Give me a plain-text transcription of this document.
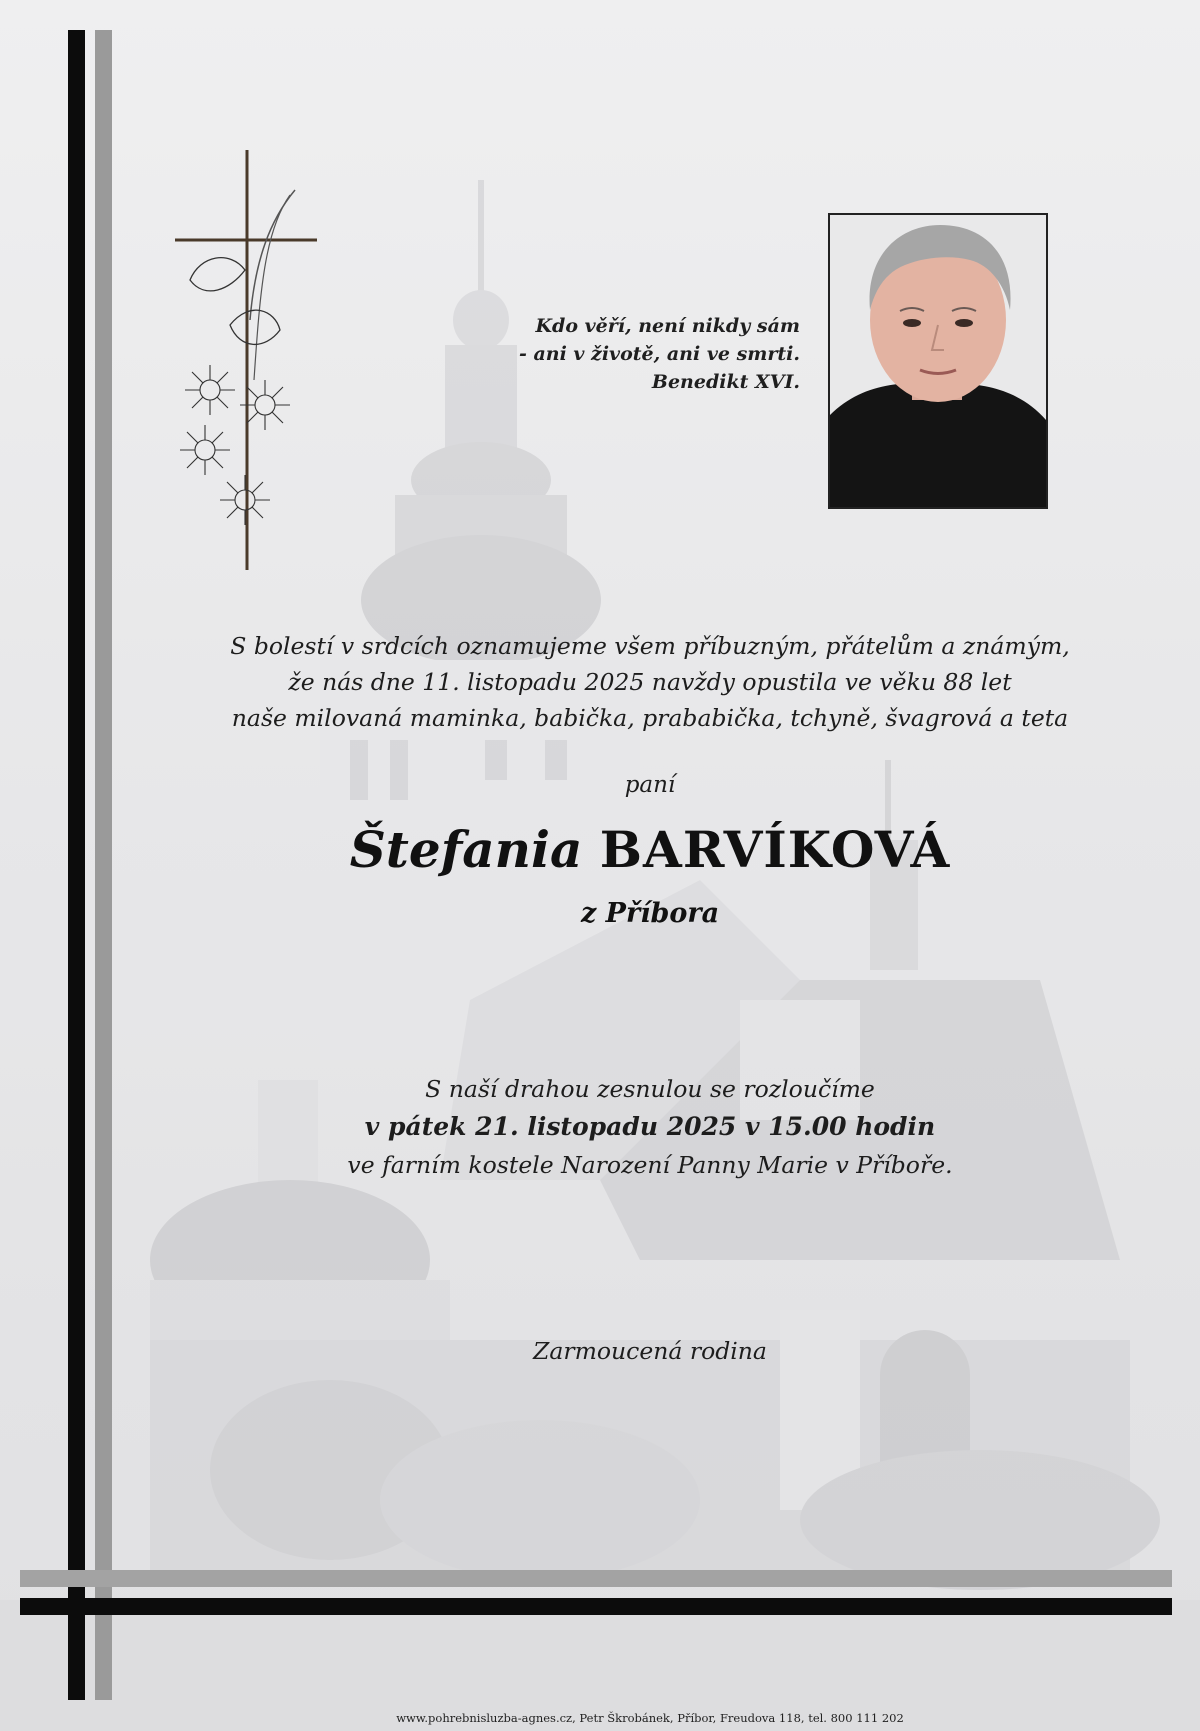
Kdo věří, není nikdy sám
- ani v životě, ani ve smrti.
Benedikt XVI.
S bolestí v srdcích oznamujeme všem příbuzným, přátelům a známým,
že nás dne 11. listopadu 2025 navždy opustila ve věku 88 let
naše milovaná maminka, babička, prababička, tchyně, švagrová a teta
paní
Štefania BARVÍKOVÁ
z Příbora
S naší drahou zesnulou se rozloučíme
v pátek 21. listopadu 2025 v 15.00 hodin
ve farním kostele Narození Panny Marie v Příboře.
Zarmoucená rodina
www.pohrebnisluzba-agnes.cz, Petr Škrobánek, Příbor, Freudova 118, tel. 800 111 202
